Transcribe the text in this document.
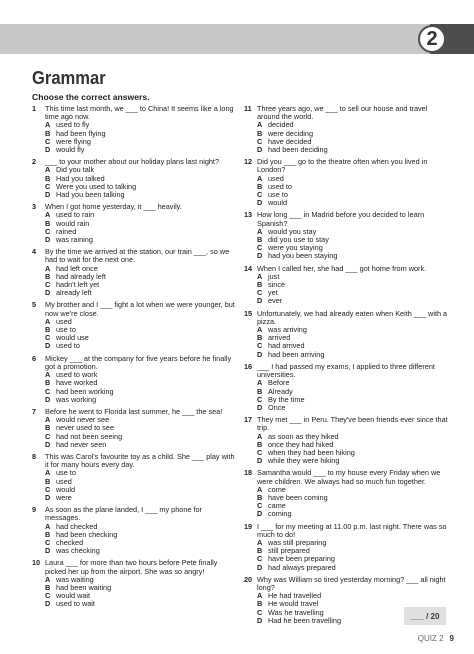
2
Grammar
Choose the correct answers.
1 This time last month, we ___ to China! It seems like a long time ago now.
A used to fly
B had been flying
C were flying
D would fly
2 ___ to your mother about our holiday plans last night?
A Did you talk
B Had you talked
C Were you used to talking
D Had you been talking
3 When I got home yesterday, it ___ heavily.
A used to rain
B would rain
C rained
D was raining
4 By the time we arrived at the station, our train ___, so we had to wait for the next one.
A had left once
B had already left
C hadn't left yet
D already left
5 My brother and I ___ fight a lot when we were younger, but now we're close.
A used
B use to
C would use
D used to
6 Mickey ___ at the company for five years before he finally got a promotion.
A used to work
B have worked
C had been working
D was working
7 Before he went to Florida last summer, he ___ the sea!
A would never see
B never used to see
C had not been seeing
D had never seen
8 This was Carol's favourite toy as a child. She ___ play with it for many hours every day.
A use to
B used
C would
D were
9 As soon as the plane landed, I ___ my phone for messages.
A had checked
B had been checking
C checked
D was checking
10 Laura ___ for more than two hours before Pete finally picked her up from the airport. She was so angry!
A was waiting
B had been waiting
C would wait
D used to wait
11 Three years ago, we ___ to sell our house and travel around the world.
A decided
B were deciding
C have decided
D had been deciding
12 Did you ___ go to the theatre often when you lived in London?
A used
B used to
C use to
D would
13 How long ___ in Madrid before you decided to learn Spanish?
A would you stay
B did you use to stay
C were you staying
D had you been staying
14 When I called her, she had ___ got home from work.
A just
B since
C yet
D ever
15 Unfortunately, we had already eaten when Keith ___ with a pizza.
A was arriving
B arrived
C had arrived
D had been arriving
16 ___ I had passed my exams, I applied to three different universities.
A Before
B Already
C By the time
D Once
17 They met ___ in Peru. They've been friends ever since that trip.
A as soon as they hiked
B once they had hiked
C when they had been hiking
D while they were hiking
18 Samantha would ___ to my house every Friday when we were children. We always had so much fun together.
A come
B have been coming
C came
D coming
19 I ___ for my meeting at 11.00 p.m. last night. There was so much to do!
A was still preparing
B still prepared
C have been preparing
D had always prepared
20 Why was William so tired yesterday morning? ___ all night long?
A He had travelled
B He would travel
C Was he travelling
D Had he been travelling	___ / 20
QUIZ 2 9
